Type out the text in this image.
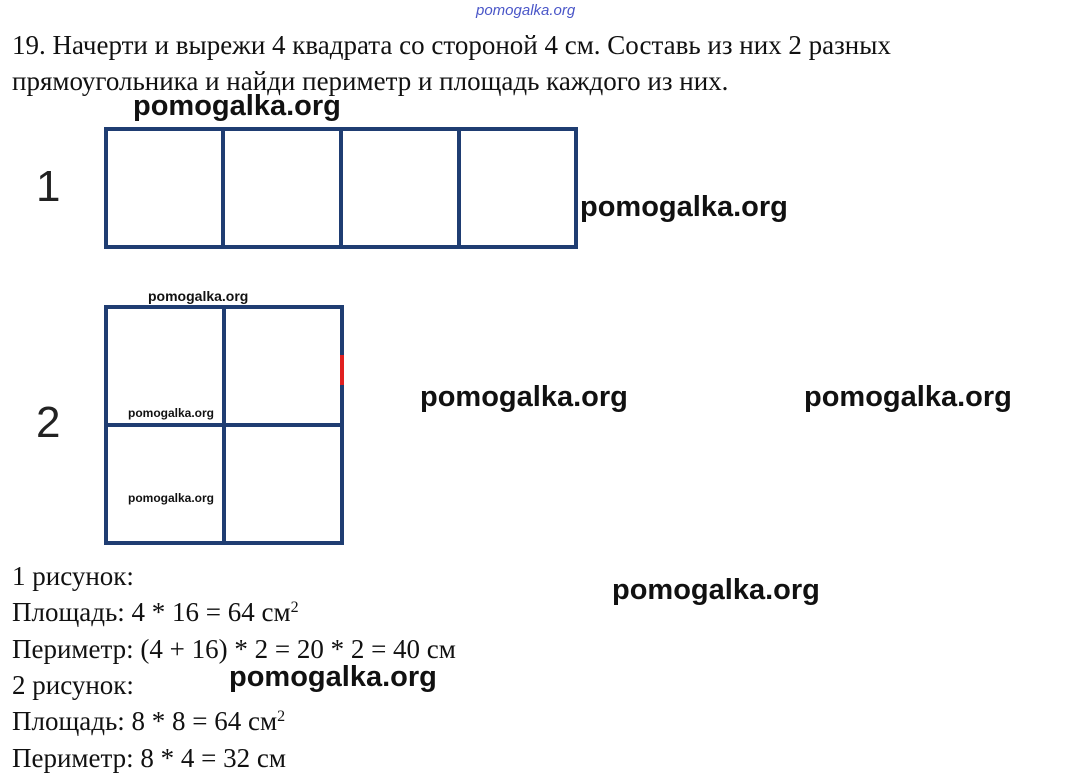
pomogalka.org
19. Начерти и вырежи 4 квадрата со стороной 4 см. Составь из них 2 разных
прямоугольника и найди периметр и площадь каждого из них.
1
2
pomogalka.org
pomogalka.org
pomogalka.org
pomogalka.org	pomogalka.org
pomogalka.org
pomogalka.org
pomogalka.org
pomogalka.org
1 рисунок:
Площадь: 4 * 16 = 64 $см^2$
Периметр: (4 + 16) * 2 = 20 * 2 = 40 см
2 рисунок:
Площадь: 8 * 8 = 64 $см^2$
Периметр: 8 * 4 = 32 см
